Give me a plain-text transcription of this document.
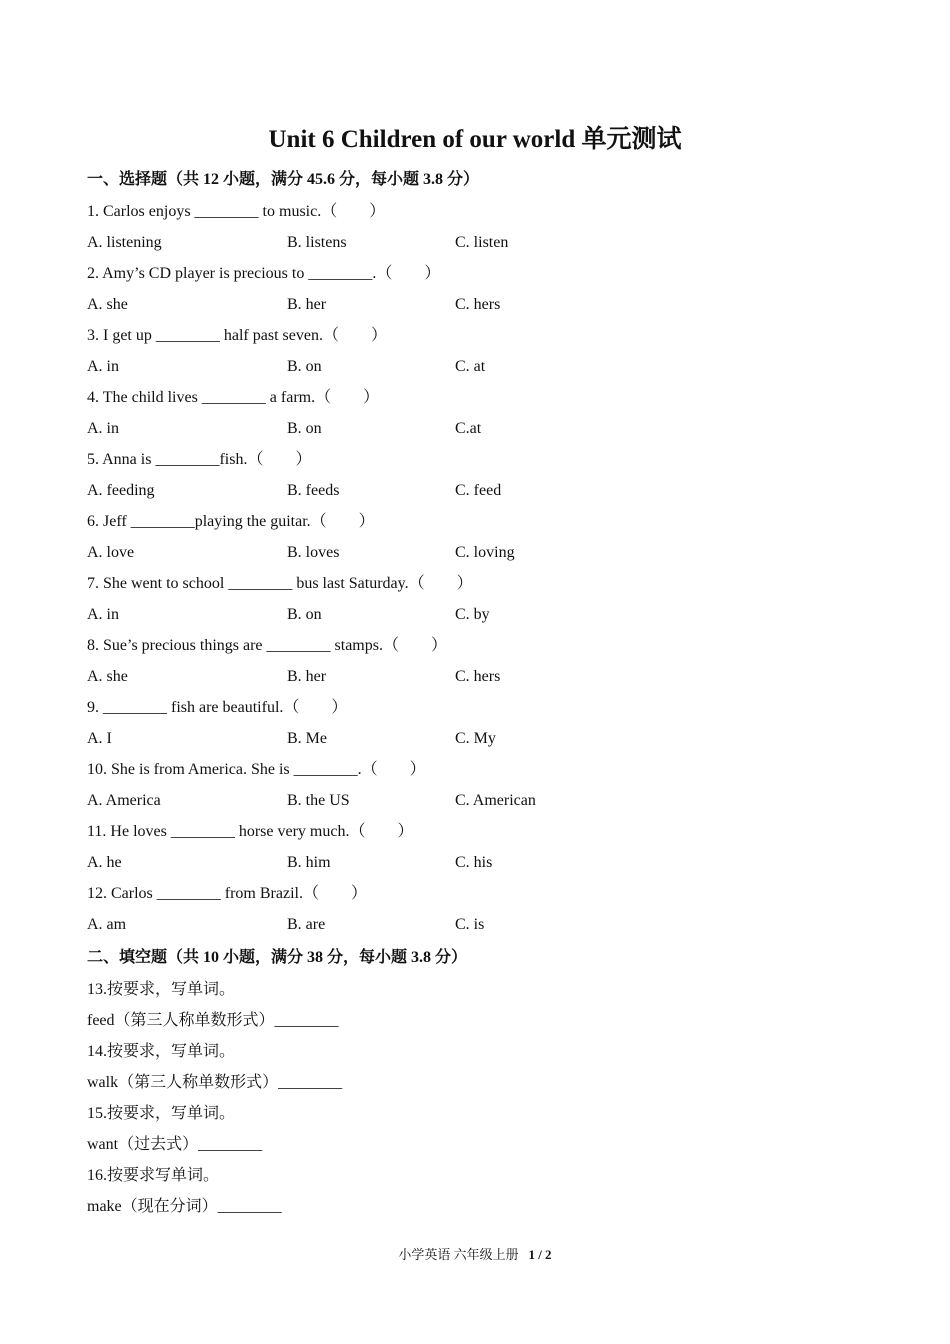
Unit 6 Children of our world 单元测试
一、选择题（共 12 小题，满分 45.6 分，每小题 3.8 分）
1. Carlos enjoys ________ to music.（　　）
A. listening	B. listens	C. listen
2. Amy’s CD player is precious to ________.（　　）
A. she	B. her	C. hers
3. I get up ________ half past seven.（　　）
A. in	B. on	C. at
4. The child lives ________ a farm.（　　）
A. in	B. on	C.at
5. Anna is ________fish.（　　）
A. feeding	B. feeds	C. feed
6. Jeff ________playing the guitar.（　　）
A. love	B. loves	C. loving
7. She went to school ________ bus last Saturday.（　　）
A. in	B. on	C. by
8. Sue’s precious things are ________ stamps.（　　）
A. she	B. her	C. hers
9. ________ fish are beautiful.（　　）
A. I	B. Me	C. My
10. She is from America. She is ________.（　　）
A. America	B. the US	C. American
11. He loves ________ horse very much.（　　）
A. he	B. him	C. his
12. Carlos ________ from Brazil.（　　）
A. am	B. are	C. is
二、填空题（共 10 小题，满分 38 分，每小题 3.8 分）
13.按要求，写单词。
feed（第三人称单数形式）________
14.按要求，写单词。
walk（第三人称单数形式）________
15.按要求，写单词。
want（过去式）________
16.按要求写单词。
make（现在分词）________
小学英语 六年级上册 1 / 2
